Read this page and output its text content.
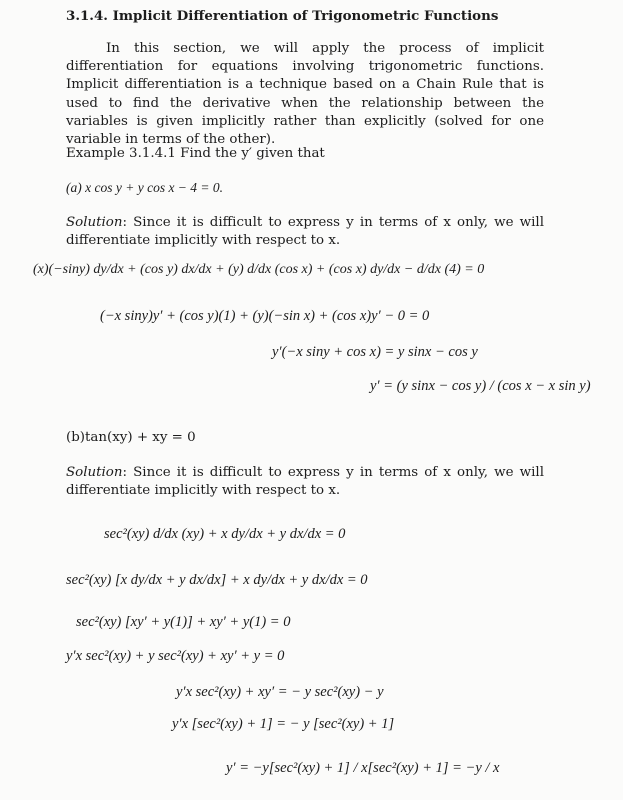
3.1.4. Implicit Differentiation of Trigonometric Functions
In this section, we will apply the process of implicit differentiation for equations involving trigonometric functions. Implicit differentiation is a technique based on a Chain Rule that is used to find the derivative when the relationship between the variables is given implicitly rather than explicitly (solved for one variable in terms of the other).
Example 3.1.4.1 Find the y′ given that
(a) x cos y + y cos x − 4 = 0.
Solution: Since it is difficult to express y in terms of x only, we will differentiate implicitly with respect to x.
(x)(−siny) dy/dx + (cos y) dx/dx + (y) d/dx (cos x) + (cos x) dy/dx − d/dx (4) = 0
(−x siny)y′ + (cos y)(1) + (y)(−sin x) + (cos x)y′ − 0 = 0
y′(−x siny + cos x) = y sinx − cos y
y′ = (y sinx − cos y) / (cos x − x sin y)
(b)tan(xy) + xy = 0
Solution: Since it is difficult to express y in terms of x only, we will differentiate implicitly with respect to x.
sec²(xy) d/dx (xy) + x dy/dx + y dx/dx = 0
sec²(xy) [x dy/dx + y dx/dx] + x dy/dx + y dx/dx = 0
sec²(xy) [xy′ + y(1)] + xy′ + y(1) = 0
y′x sec²(xy) + y sec²(xy) + xy′ + y = 0
y′x sec²(xy) + xy′ = − y sec²(xy) − y
y′x [sec²(xy) + 1] = − y [sec²(xy) + 1]
y′ = −y[sec²(xy) + 1] / x[sec²(xy) + 1] = −y / x
